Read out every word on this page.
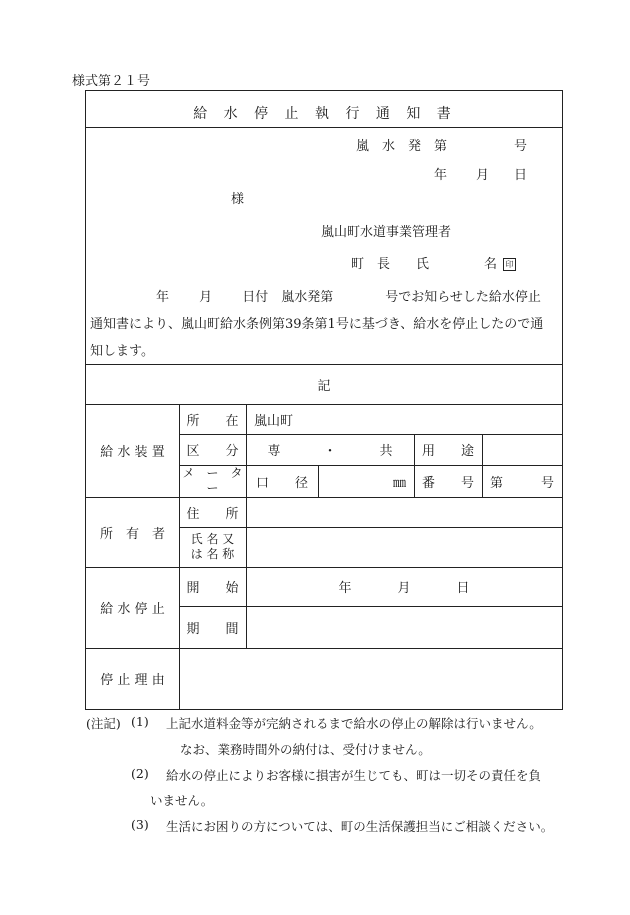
様式第２１号
給 水 停 止 執 行 通 知 書
嵐　水　発　第	号
年 月 日
様
嵐山町水道事業管理者
町　長　　氏	名 印
年　　 月　　 日付　嵐水発第　　　　号でお知らせした給水停止
通知書により、嵐山町給水条例第39条第1号に基づき、給水を停止したので通
知します。
記
給 水 装 置
所　　在	嵐山町
区　　分	専	・	共	用　　途
メ　ー　タ
ー	口　　径	㎜	番　　号	第	号
所　有　者
住　　所
氏 名 又
は 名 称
給 水 停 止
開　　始	年	月	日
期　　間
停 止 理 由
(注記) (1) 上記水道料金等が完納されるまで給水の停止の解除は行いません。
なお、業務時間外の納付は、受付けません。
(2) 給水の停止によりお客様に損害が生じても、町は一切その責任を負
いません。
(3) 生活にお困りの方については、町の生活保護担当にご相談ください。
